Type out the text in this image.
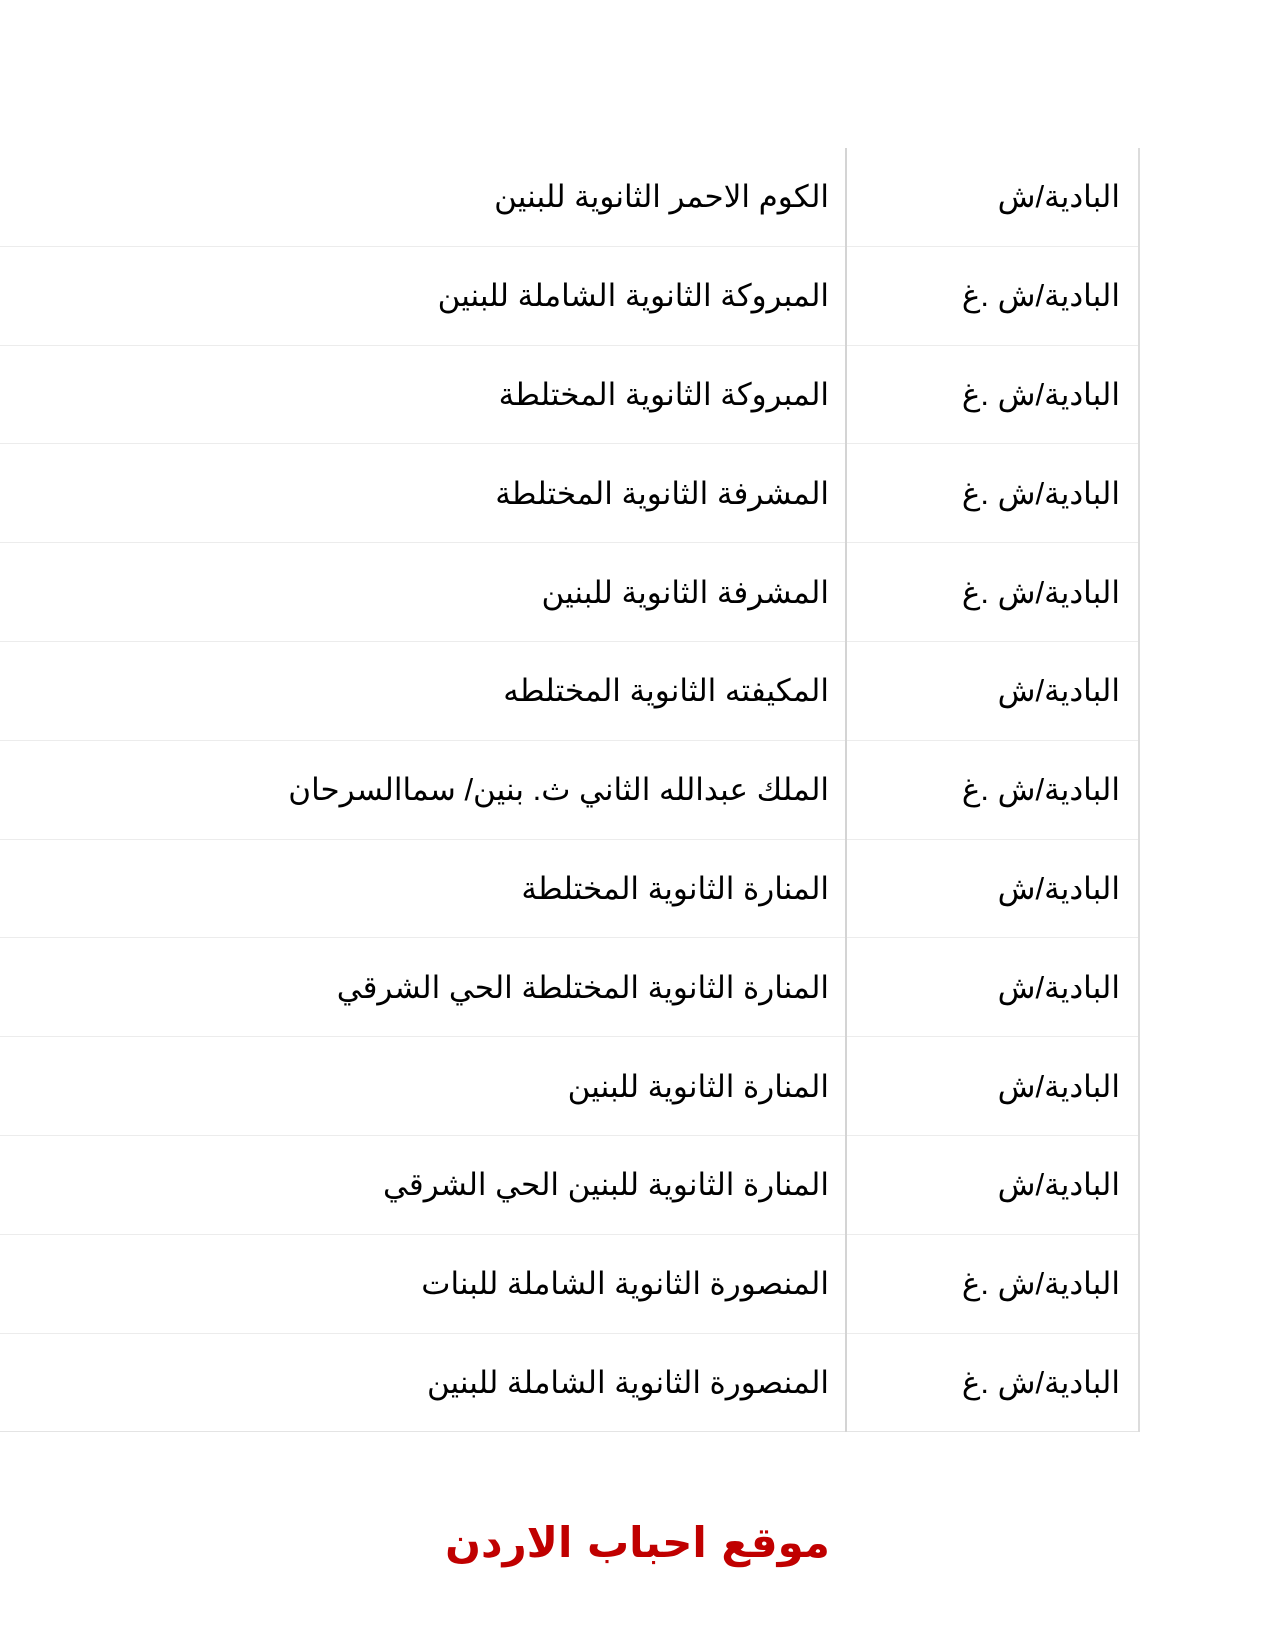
البادية/ش	الكوم الاحمر الثانوية للبنين
البادية/ش .غ	المبروكة الثانوية الشاملة للبنين
البادية/ش .غ	المبروكة الثانوية المختلطة
البادية/ش .غ	المشرفة الثانوية المختلطة
البادية/ش .غ	المشرفة الثانوية للبنين
البادية/ش	المكيفته الثانوية المختلطه
البادية/ش .غ	الملك عبدالله الثاني ث. بنين/ سماالسرحان
البادية/ش	المنارة الثانوية المختلطة
البادية/ش	المنارة الثانوية المختلطة الحي الشرقي
البادية/ش	المنارة الثانوية للبنين
البادية/ش	المنارة الثانوية للبنين الحي الشرقي
البادية/ش .غ	المنصورة الثانوية الشاملة للبنات
البادية/ش .غ	المنصورة الثانوية الشاملة للبنين
موقع احباب الاردن
